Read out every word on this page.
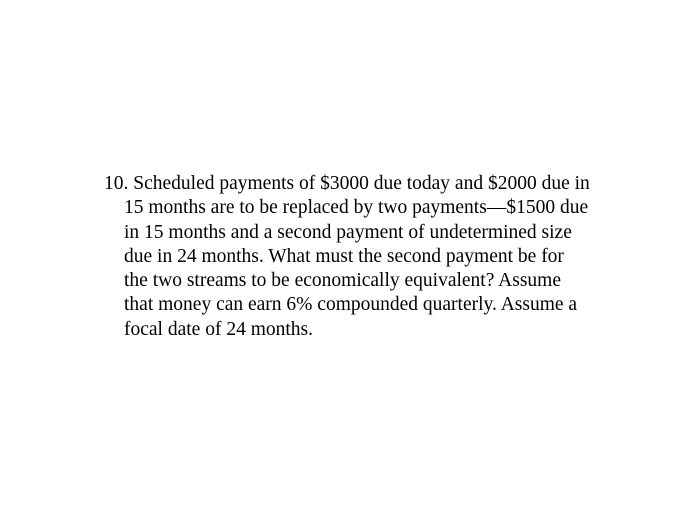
10. Scheduled payments of $3000 due today and $2000 due in
15 months are to be replaced by two payments—$1500 due
in 15 months and a second payment of undetermined size
due in 24 months. What must the second payment be for
the two streams to be economically equivalent? Assume
that money can earn 6% compounded quarterly. Assume a
focal date of 24 months.
